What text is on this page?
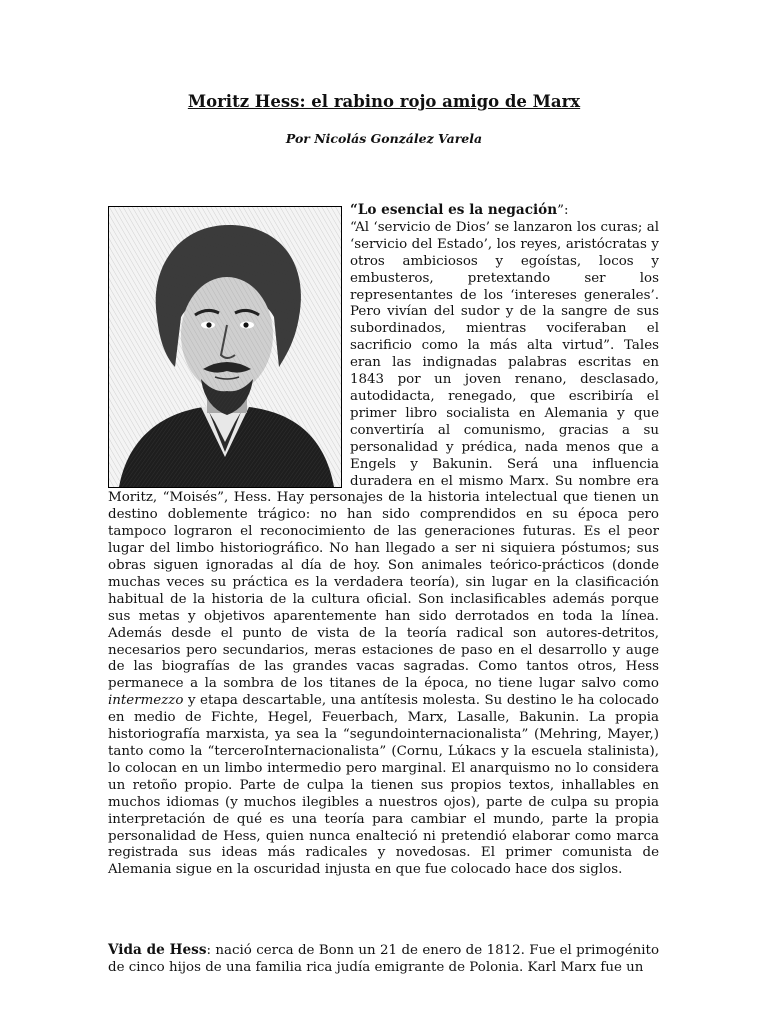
Moritz Hess: el rabino rojo amigo de Marx
Por Nicolás González Varela
“Lo esencial es la negación”:
“Al ‘servicio de Dios’ se lanzaron los curas; al ‘servicio del Estado’, los reyes, aristócratas y otros ambiciosos y egoístas, locos y embusteros, pretextando ser los representantes de los ‘intereses generales’. Pero vivían del sudor y de la sangre de sus subordinados, mientras vociferaban el sacrificio como la más alta virtud”. Tales eran las indignadas palabras escritas en 1843 por un joven renano, desclasado, autodidacta, renegado, que escribiría el primer libro socialista en Alemania y que convertiría al comunismo, gracias a su personalidad y prédica, nada menos que a Engels y Bakunin. Será una influencia duradera en el mismo Marx. Su nombre era Moritz, “Moisés”, Hess. Hay personajes de la historia intelectual que tienen un destino doblemente trágico: no han sido comprendidos en su época pero tampoco lograron el reconocimiento de las generaciones futuras. Es el peor lugar del limbo historiográfico. No han llegado a ser ni siquiera póstumos; sus obras siguen ignoradas al día de hoy. Son animales teórico-prácticos (donde muchas veces su práctica es la verdadera teoría), sin lugar en la clasificación habitual de la historia de la cultura oficial. Son inclasificables además porque sus metas y objetivos aparentemente han sido derrotados en toda la línea. Además desde el punto de vista de la teoría radical son autores-detritos, necesarios pero secundarios, meras estaciones de paso en el desarrollo y auge de las biografías de las grandes vacas sagradas. Como tantos otros, Hess permanece a la sombra de los titanes de la época, no tiene lugar salvo como intermezzo y etapa descartable, una antítesis molesta. Su destino le ha colocado en medio de Fichte, Hegel, Feuerbach, Marx, Lasalle, Bakunin. La propia historiografía marxista, ya sea la “segundointernacionalista” (Mehring, Mayer,) tanto como la “terceroInternacionalista” (Cornu, Lúkacs y la escuela stalinista), lo colocan en un limbo intermedio pero marginal. El anarquismo no lo considera un retoño propio. Parte de culpa la tienen sus propios textos, inhallables en muchos idiomas (y muchos ilegibles a nuestros ojos), parte de culpa su propia interpretación de qué es una teoría para cambiar el mundo, parte la propia personalidad de Hess, quien nunca enalteció ni pretendió elaborar como marca registrada sus ideas más radicales y novedosas. El primer comunista de Alemania sigue en la oscuridad injusta en que fue colocado hace dos siglos.
Vida de Hess: nació cerca de Bonn un 21 de enero de 1812. Fue el primogénito de cinco hijos de una familia rica judía emigrante de Polonia. Karl Marx fue un
